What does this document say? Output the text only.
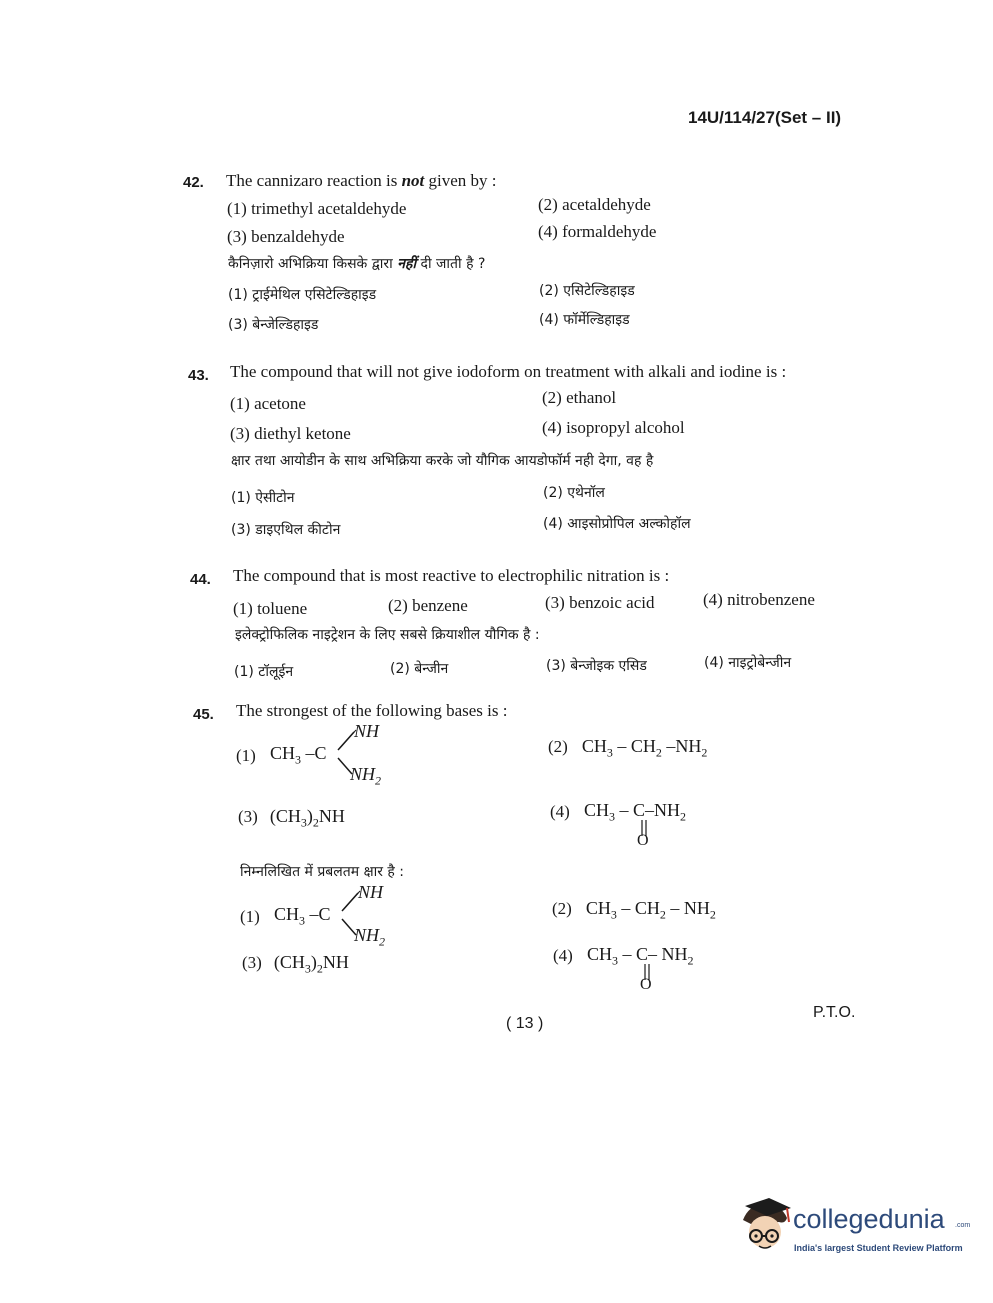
14U/114/27(Set – II)
42. The cannizaro reaction is not given by :
(1) trimethyl acetaldehyde	(2) acetaldehyde
(3) benzaldehyde	(4) formaldehyde
कैनिज़ारो अभिक्रिया किसके द्वारा नहीं दी जाती है ?
(1) ट्राईमेथिल एसिटेल्डिहाइड	(2) एसिटेल्डिहाइड
(3) बेन्जेल्डिहाइड	(4) फॉर्मेल्डिहाइड
43. The compound that will not give iodoform on treatment with alkali and iodine is :
(1) acetone	(2) ethanol
(3) diethyl ketone	(4) isopropyl alcohol
क्षार तथा आयोडीन के साथ अभिक्रिया करके जो यौगिक आयडोफॉर्म नही देगा, वह है
(1) ऐसीटोन	(2) एथेनॉल
(3) डाइएथिल कीटोन	(4) आइसोप्रोपिल अल्कोहॉल
44. The compound that is most reactive to electrophilic nitration is :
(1) toluene	(2) benzene	(3) benzoic acid	(4) nitrobenzene
इलेक्ट्रोफिलिक नाइट्रेशन के लिए सबसे क्रियाशील यौगिक है :
(1) टॉलूईन	(2) बेन्जीन	(3) बेन्जोइक एसिड	(4) नाइट्रोबेन्जीन
45. The strongest of the following bases is :
(1) $CH_3$ –C
NH
$NH_2$
(2) $CH_3 - CH_2$ $-NH_2$
(3) $(CH_3)_2NH$	(4) $CH_3 - C-NH_2$
O
निम्नलिखित में प्रबलतम क्षार है :
(1) $CH_3$ –C
NH
$NH_2$
(2) $CH_3 - CH_2 - NH_2$
(3) $(CH_3)_2NH$	(4) $CH_3 - C-$ $NH_2$
O
( 13 )
P.T.O.
collegedunia .com
India's largest Student Review Platform
